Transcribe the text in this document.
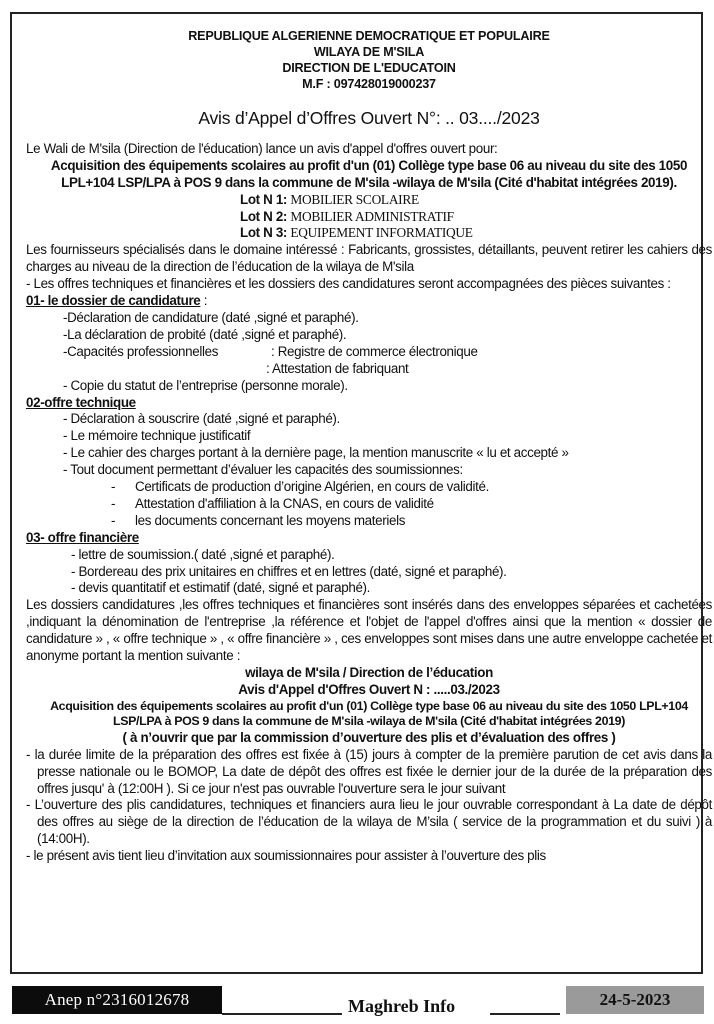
REPUBLIQUE ALGERIENNE DEMOCRATIQUE ET POPULAIRE
WILAYA DE M'SILA
DIRECTION DE L'EDUCATOIN
M.F : 097428019000237
Avis d’Appel d’Offres Ouvert N°: .. 03..../2023
Le Wali de M'sila (Direction de l'éducation) lance un avis d'appel d'offres ouvert pour:
Acquisition des équipements scolaires au profit d'un (01) Collège type base 06 au niveau du site des 1050 LPL+104 LSP/LPA à POS 9 dans la commune de M'sila -wilaya de M'sila (Cité d'habitat intégrées 2019).
Lot N 1: MOBILIER SCOLAIRE
Lot N 2: MOBILIER ADMINISTRATIF
Lot N 3: EQUIPEMENT INFORMATIQUE
Les fournisseurs spécialisés dans le domaine intéressé : Fabricants, grossistes, détaillants, peuvent retirer les cahiers des charges au niveau de la direction de l’éducation de la wilaya de M'sila
- Les offres techniques et financières et les dossiers des candidatures seront accompagnées des pièces suivantes :
01- le dossier de candidature :
-Déclaration de candidature (daté ,signé et paraphé).
-La déclaration de probité (daté ,signé et paraphé).
-Capacités professionnelles	: Registre de commerce électronique
: Attestation de fabriquant
- Copie du statut de l’entreprise (personne morale).
02-offre technique
- Déclaration à souscrire (daté ,signé et paraphé).
- Le mémoire technique justificatif
- Le cahier des charges portant à la dernière page, la mention manuscrite « lu et accepté »
- Tout document permettant d’évaluer les capacités des soumissionnes:
- Certificats de production d’origine Algérien, en cours de validité.
- Attestation d'affiliation à la CNAS, en cours de validité
- les documents concernant les moyens materiels
03- offre financière
- lettre de soumission.( daté ,signé et paraphé).
- Bordereau des prix unitaires en chiffres et en lettres (daté, signé et paraphé).
- devis quantitatif et estimatif (daté, signé et paraphé).
Les dossiers candidatures ,les offres techniques et financières sont insérés dans des enveloppes séparées et cachetées ,indiquant la dénomination de l'entreprise ,la référence et l'objet de l'appel d'offres ainsi que la mention « dossier de candidature » , « offre technique » , « offre financière » , ces enveloppes sont mises dans une autre enveloppe cachetée et anonyme portant la mention suivante :
wilaya de M'sila / Direction de l’éducation
Avis d'Appel d'Offres Ouvert N : .....03./2023
Acquisition des équipements scolaires au profit d'un (01) Collège type base 06 au niveau du site des 1050 LPL+104 LSP/LPA à POS 9 dans la commune de M'sila -wilaya de M'sila (Cité d'habitat intégrées 2019)
( à n’ouvrir que par la commission d’ouverture des plis et d’évaluation des offres )
- la durée limite de la préparation des offres est fixée à (15) jours à compter de la première parution de cet avis dans la presse nationale ou le BOMOP, La date de dépôt des offres est fixée le dernier jour de la durée de la préparation des offres jusqu' à (12:00H ). Si ce jour n'est pas ouvrable l'ouverture sera le jour suivant
- L’ouverture des plis candidatures, techniques et financiers aura lieu le jour ouvrable correspondant à La date de dépôt des offres au siège de la direction de l’éducation de la wilaya de M’sila ( service de la programmation et du suivi ) à (14:00H).
- le présent avis tient lieu d’invitation aux soumissionnaires pour assister à l’ouverture des plis
Anep n°2316012678	Maghreb Info	24-5-2023
